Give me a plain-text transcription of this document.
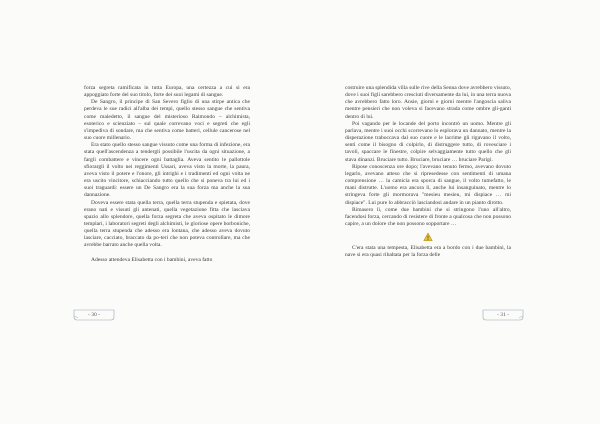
forza segreta ramificata in tutta Europa, una certezza a cui si era appoggiato forte del suo titolo, forte dei suoi legami di sangue.

De Sangro, il principe di San Severo figlio di una stirpe antica che perdeva le sue radici all'alba dei tempi, quello stesso sangue che sentiva come maledetto, il sangue del misterioso Raimondo – alchimista, esoterico e scienziato – sul quale correvano voci e segreti che egli s'impediva di sondare, ma che sentiva come batteri, cellule cancerose nel suo cuore millenario.

Era stato quello stesso sangue vissuto come una forma di infezione, era stata quell'ascendenza a tendergli possibile l'uscita da ogni situazione, a fargli combattere e vincere ogni battaglia. Aveva sentito le pallottole sfiorargli il volto nei reggimenti Ussari, aveva visto la morte, la paura, aveva visto il potere e l'onore, gli intrighi e i tradimenti ed ogni volta ne era uscito vincitore, schiacciando tutto quello che si poneva tra lui ed i suoi traguardi: essere un De Sangro era la sua forza ma anche la sua dannazione.

Doveva essere stata quella terra, quella terra stupenda e spietata, dove erano nati e vissuti gli antenati, quella vegetazione fitta che lasciava spazio allo splendore, quella forza segreta che aveva ospitato le dimore templari, i laboratori segreti degli alchimisti, le gloriose opere borboniche, quella terra stupenda che adesso era lontana, che adesso aveva dovuto lasciare, cacciato, braccato da po-teri che non poteva controllare, ma che avrebbe barrato anche quella volta.

Adesso attendeva Elisabetta con i bambini, aveva fatto

- 30 -

costruire una splendida villa sulle rive della Senna dove avrebbero vissuto, dove i suoi figli sarebbero cresciuti diversamente da lui, in una terra nuova che avrebbero fatto loro. Ansie, giorni e giorni mentre l'angoscia saliva mentre pensieri che non voleva si facevano strada come ombre gli-ganti dentro di lui.

Poi vagando per le locande del porto incontrò un uomo. Mentre gli parlava, mentre i suoi occhi scorrevano lo esplorava un dannato, mentre la disperazione traboccava dal suo cuore e le lacrime gli rigavano il volto, sentì come il bisogno di colpirlo, di distruggere tutto, di rovesciare i tavoli, spaccare le finestre, colpire selvaggiamente tutto quello che gli stava dinanzi. Bruciare tutto. Bruciare, bruciare … bruciare Parigi.

Ripose conoscenza ore dopo; l'avevano tenuto fermo, avevano dovuto legarlo, avevano atteso che si ripresedesse con sentimenti di umana comprensione … la camicia era sporca di sangue, il volto tumefatto, le mani distrutte. L'uomo era ancora lì, anche lui insanguinato, mentre lo stringeva forte gli mormorava "mesieu mesieu, mi dispiace … mi dispiace". Lui pure lo abbracciò lasciandosi andare in un pianto dirotto.

Rimasero lì, come due bambini che si stringono l'uno all'altro, facendosi forza, cercando di resistere di fronte a qualcosa che non possono capire, a un dolore che non possono sopportare …

C'era stata una tempesta, Elisabetta era a bordo con i due bambini, la nave si era quasi ribaltata per la forza delle

- 31 -
